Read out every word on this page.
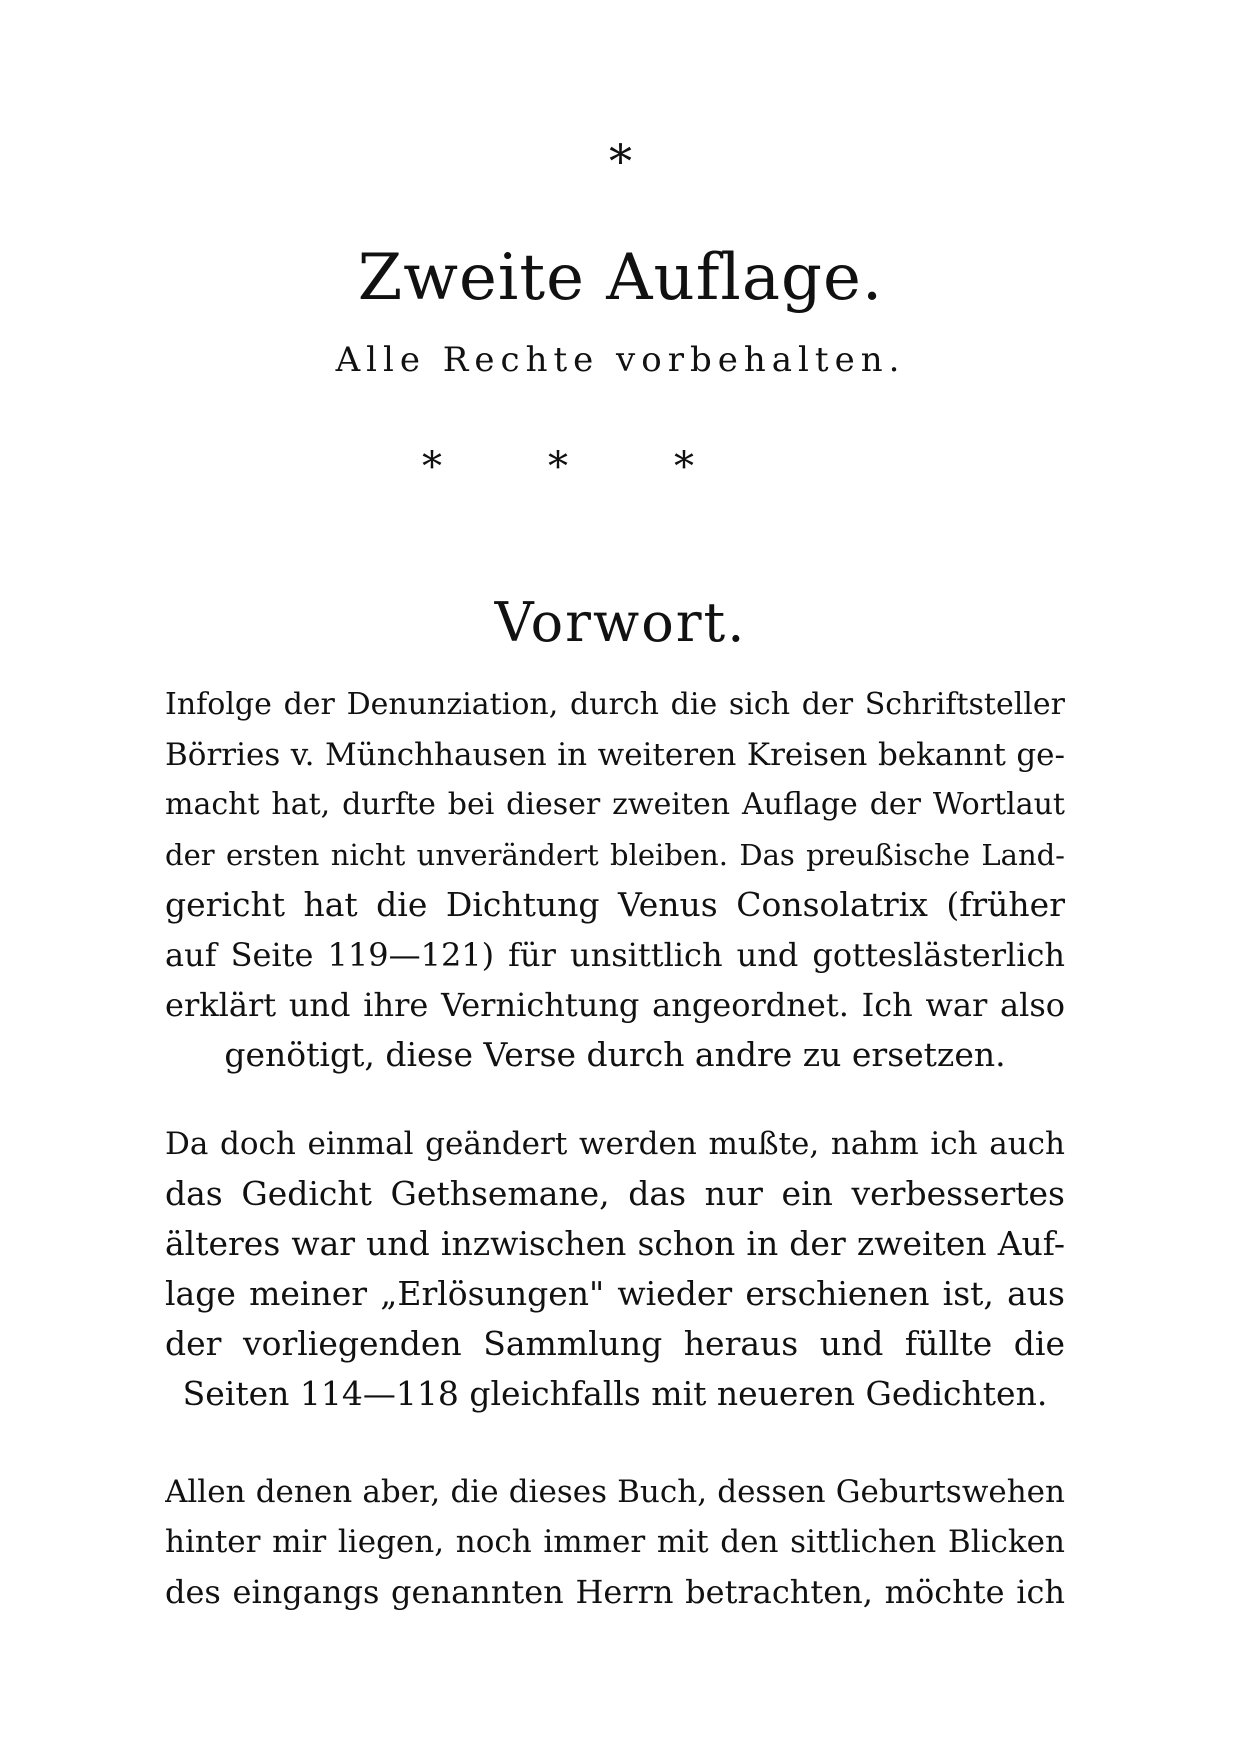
*
Zweite Auflage.
Alle Rechte vorbehalten.
*	*	*
Vorwort.
Infolge der Denunziation, durch die sich der Schriftsteller
Börries v. Münchhausen in weiteren Kreisen bekannt ge-
macht hat, durfte bei dieser zweiten Auflage der Wortlaut
der ersten nicht unverändert bleiben. Das preußische Land-
gericht hat die Dichtung Venus Consolatrix (früher
auf Seite 119—121) für unsittlich und gotteslästerlich
erklärt und ihre Vernichtung angeordnet. Ich war also
genötigt, diese Verse durch andre zu ersetzen.
Da doch einmal geändert werden mußte, nahm ich auch
das Gedicht Gethsemane, das nur ein verbessertes
älteres war und inzwischen schon in der zweiten Auf-
lage meiner „Erlösungen" wieder erschienen ist, aus
der vorliegenden Sammlung heraus und füllte die
Seiten 114—118 gleichfalls mit neueren Gedichten.
Allen denen aber, die dieses Buch, dessen Geburtswehen
hinter mir liegen, noch immer mit den sittlichen Blicken
des eingangs genannten Herrn betrachten, möchte ich
